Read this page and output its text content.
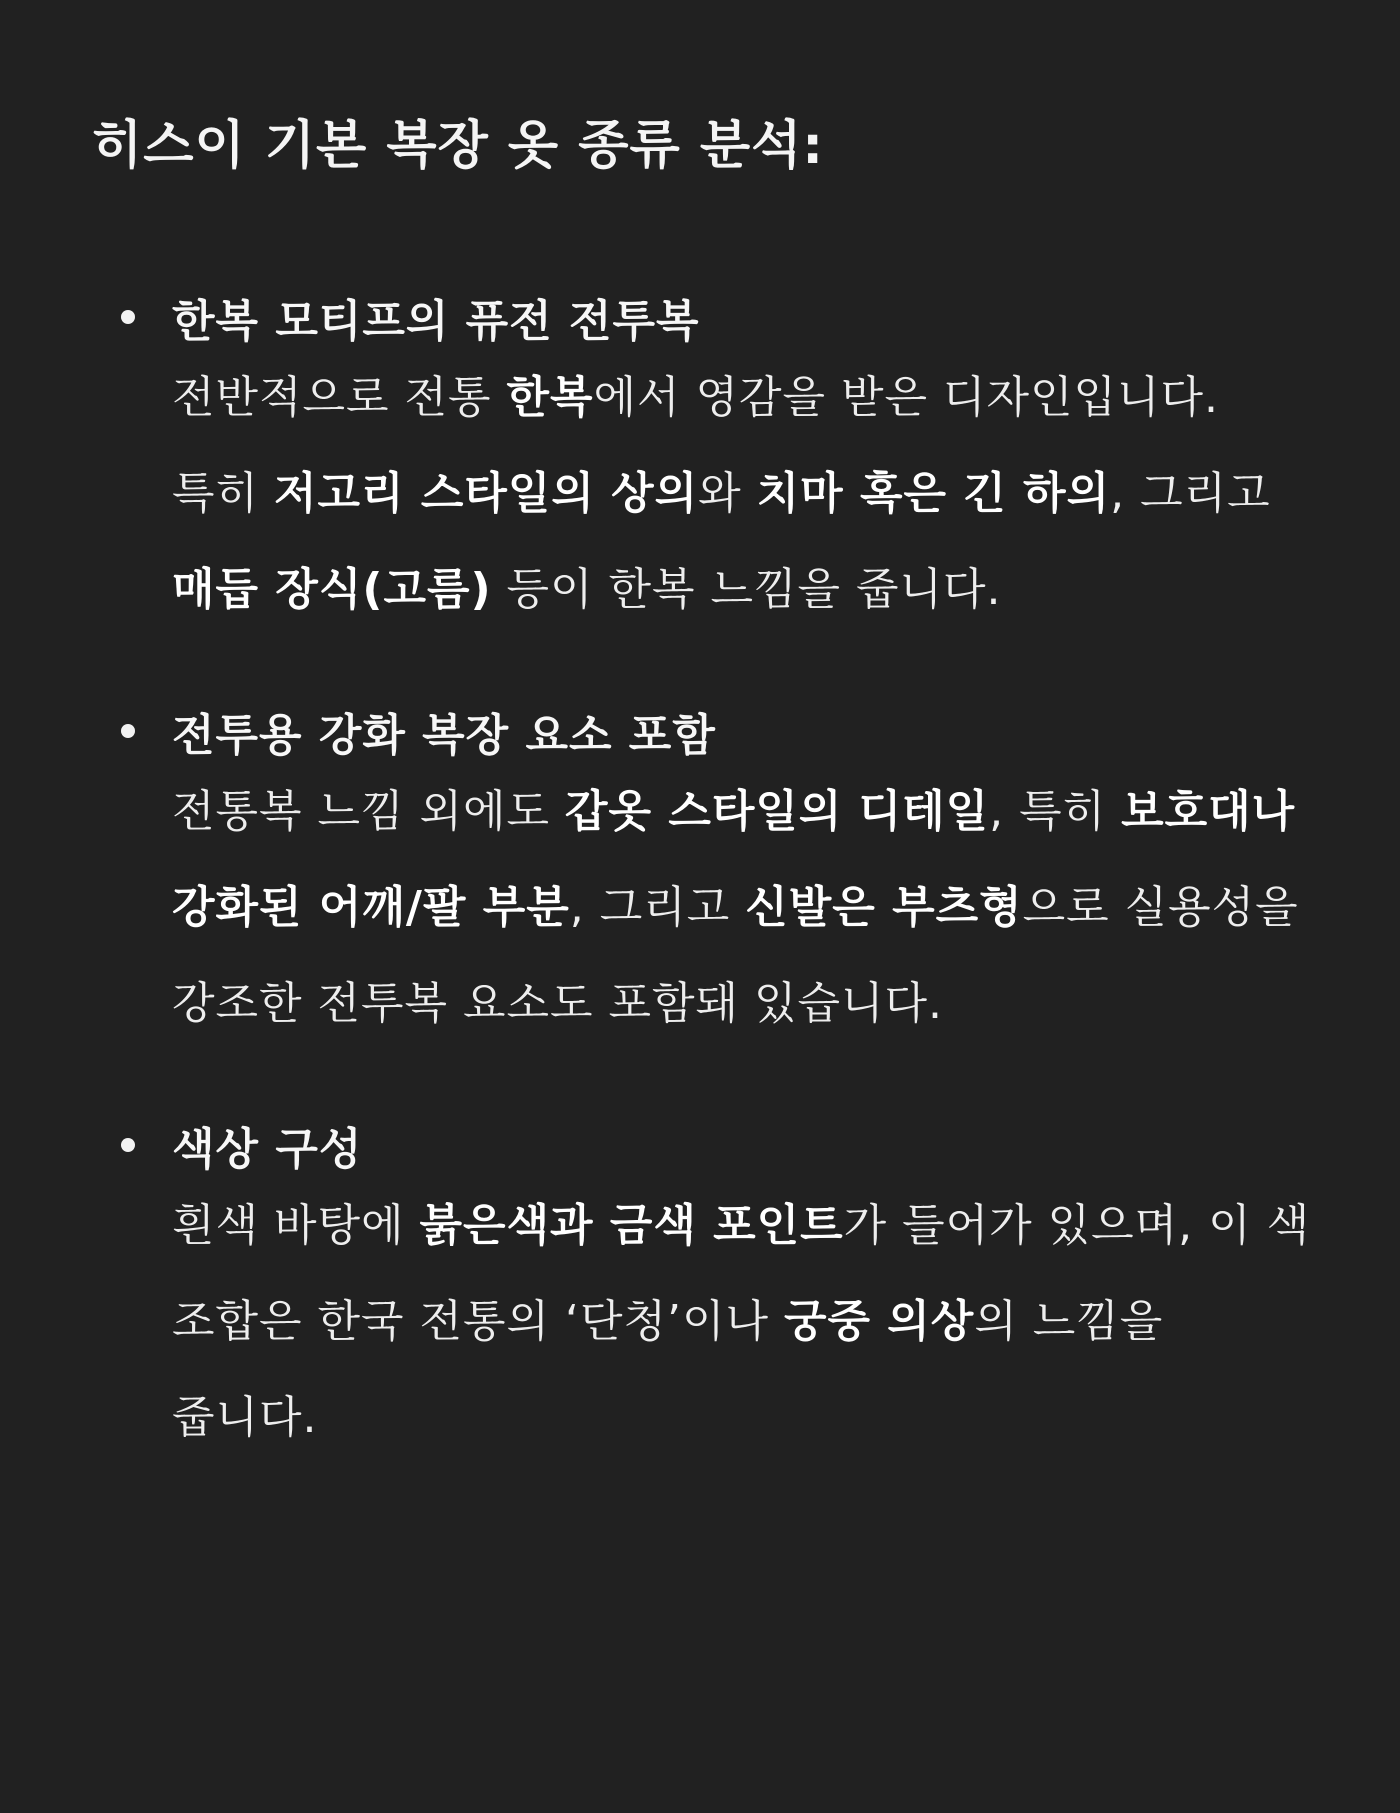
히스이 기본 복장 옷 종류 분석:
한복 모티프의 퓨전 전투복
전반적으로 전통 한복에서 영감을 받은 디자인입니다. 특히 저고리 스타일의 상의와 치마 혹은 긴 하의, 그리고 매듭 장식(고름) 등이 한복 느낌을 줍니다.
전투용 강화 복장 요소 포함
전통복 느낌 외에도 갑옷 스타일의 디테일, 특히 보호대나 강화된 어깨/팔 부분, 그리고 신발은 부츠형으로 실용성을 강조한 전투복 요소도 포함돼 있습니다.
색상 구성
흰색 바탕에 붉은색과 금색 포인트가 들어가 있으며, 이 색 조합은 한국 전통의 ‘단청’이나 궁중 의상의 느낌을 줍니다.
